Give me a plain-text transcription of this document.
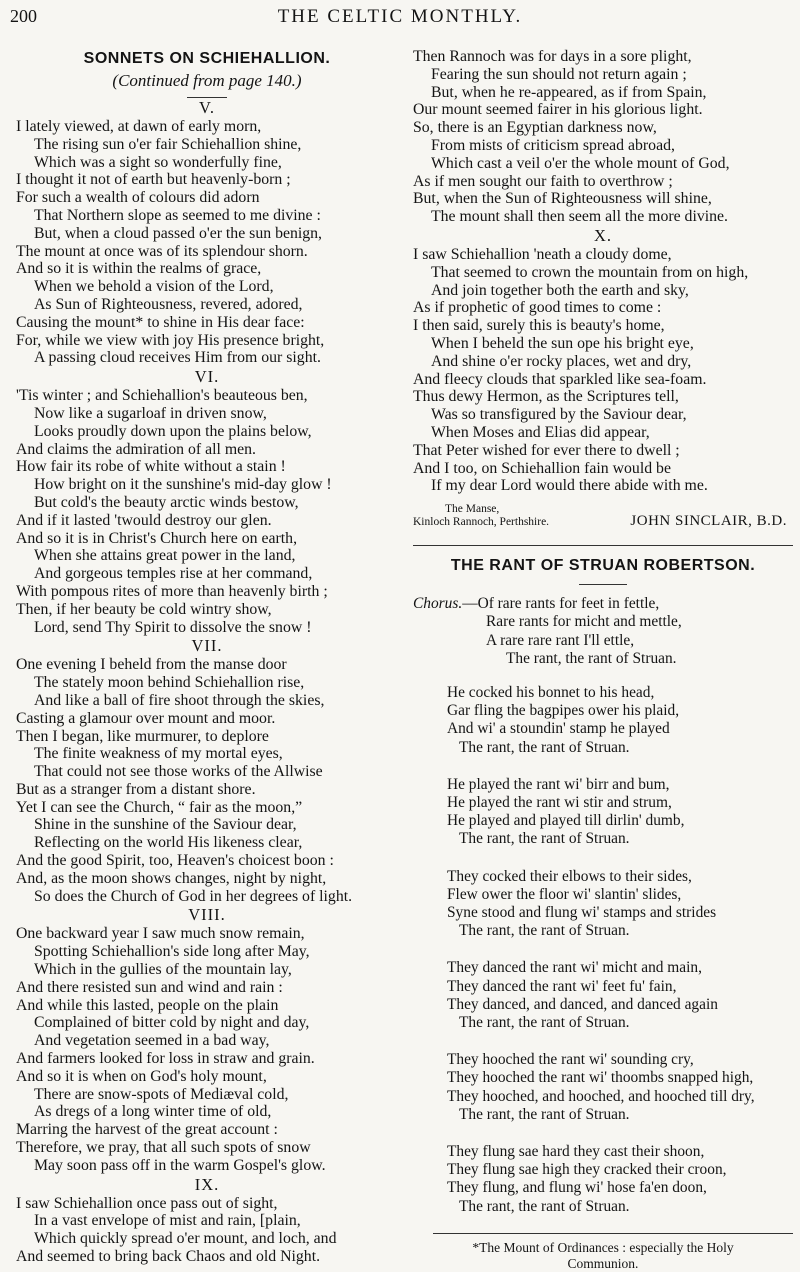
200	THE CELTIC MONTHLY.
SONNETS ON SCHIEHALLION.
(Continued from page 140.)
V.
I lately viewed, at dawn of early morn,
The rising sun o'er fair Schiehallion shine,
Which was a sight so wonderfully fine,
I thought it not of earth but heavenly-born ;
For such a wealth of colours did adorn
That Northern slope as seemed to me divine :
But, when a cloud passed o'er the sun benign,
The mount at once was of its splendour shorn.
And so it is within the realms of grace,
When we behold a vision of the Lord,
As Sun of Righteousness, revered, adored,
Causing the mount* to shine in His dear face:
For, while we view with joy His presence bright,
A passing cloud receives Him from our sight.
VI.
'Tis winter ; and Schiehallion's beauteous ben,
Now like a sugarloaf in driven snow,
Looks proudly down upon the plains below,
And claims the admiration of all men.
How fair its robe of white without a stain !
How bright on it the sunshine's mid-day glow !
But cold's the beauty arctic winds bestow,
And if it lasted 'twould destroy our glen.
And so it is in Christ's Church here on earth,
When she attains great power in the land,
And gorgeous temples rise at her command,
With pompous rites of more than heavenly birth ;
Then, if her beauty be cold wintry show,
Lord, send Thy Spirit to dissolve the snow !
VII.
One evening I beheld from the manse door
The stately moon behind Schiehallion rise,
And like a ball of fire shoot through the skies,
Casting a glamour over mount and moor.
Then I began, like murmurer, to deplore
The finite weakness of my mortal eyes,
That could not see those works of the Allwise
But as a stranger from a distant shore.
Yet I can see the Church, “ fair as the moon,”
Shine in the sunshine of the Saviour dear,
Reflecting on the world His likeness clear,
And the good Spirit, too, Heaven's choicest boon :
And, as the moon shows changes, night by night,
So does the Church of God in her degrees of light.
VIII.
One backward year I saw much snow remain,
Spotting Schiehallion's side long after May,
Which in the gullies of the mountain lay,
And there resisted sun and wind and rain :
And while this lasted, people on the plain
Complained of bitter cold by night and day,
And vegetation seemed in a bad way,
And farmers looked for loss in straw and grain.
And so it is when on God's holy mount,
There are snow-spots of Mediæval cold,
As dregs of a long winter time of old,
Marring the harvest of the great account :
Therefore, we pray, that all such spots of snow
May soon pass off in the warm Gospel's glow.
IX.
I saw Schiehallion once pass out of sight,
In a vast envelope of mist and rain, [plain,
Which quickly spread o'er mount, and loch, and
And seemed to bring back Chaos and old Night.
Then Rannoch was for days in a sore plight,
Fearing the sun should not return again ;
But, when he re-appeared, as if from Spain,
Our mount seemed fairer in his glorious light.
So, there is an Egyptian darkness now,
From mists of criticism spread abroad,
Which cast a veil o'er the whole mount of God,
As if men sought our faith to overthrow ;
But, when the Sun of Righteousness will shine,
The mount shall then seem all the more divine.
X.
I saw Schiehallion 'neath a cloudy dome,
That seemed to crown the mountain from on high,
And join together both the earth and sky,
As if prophetic of good times to come :
I then said, surely this is beauty's home,
When I beheld the sun ope his bright eye,
And shine o'er rocky places, wet and dry,
And fleecy clouds that sparkled like sea-foam.
Thus dewy Hermon, as the Scriptures tell,
Was so transfigured by the Saviour dear,
When Moses and Elias did appear,
That Peter wished for ever there to dwell ;
And I too, on Schiehallion fain would be
If my dear Lord would there abide with me.
The Manse,
Kinloch Rannoch, Perthshire.	JOHN SINCLAIR, B.D.
THE RANT OF STRUAN ROBERTSON.
Chorus.—Of rare rants for feet in fettle,
Rare rants for micht and mettle,
A rare rare rant I'll ettle,
The rant, the rant of Struan.
He cocked his bonnet to his head,
Gar fling the bagpipes ower his plaid,
And wi' a stoundin' stamp he played
The rant, the rant of Struan.
He played the rant wi' birr and bum,
He played the rant wi stir and strum,
He played and played till dirlin' dumb,
The rant, the rant of Struan.
They cocked their elbows to their sides,
Flew ower the floor wi' slantin' slides,
Syne stood and flung wi' stamps and strides
The rant, the rant of Struan.
They danced the rant wi' micht and main,
They danced the rant wi' feet fu' fain,
They danced, and danced, and danced again
The rant, the rant of Struan.
They hooched the rant wi' sounding cry,
They hooched the rant wi' thoombs snapped high,
They hooched, and hooched, and hooched till dry,
The rant, the rant of Struan.
They flung sae hard they cast their shoon,
They flung sae high they cracked their croon,
They flung, and flung wi' hose fa'en doon,
The rant, the rant of Struan.
*The Mount of Ordinances : especially the Holy
Communion.
